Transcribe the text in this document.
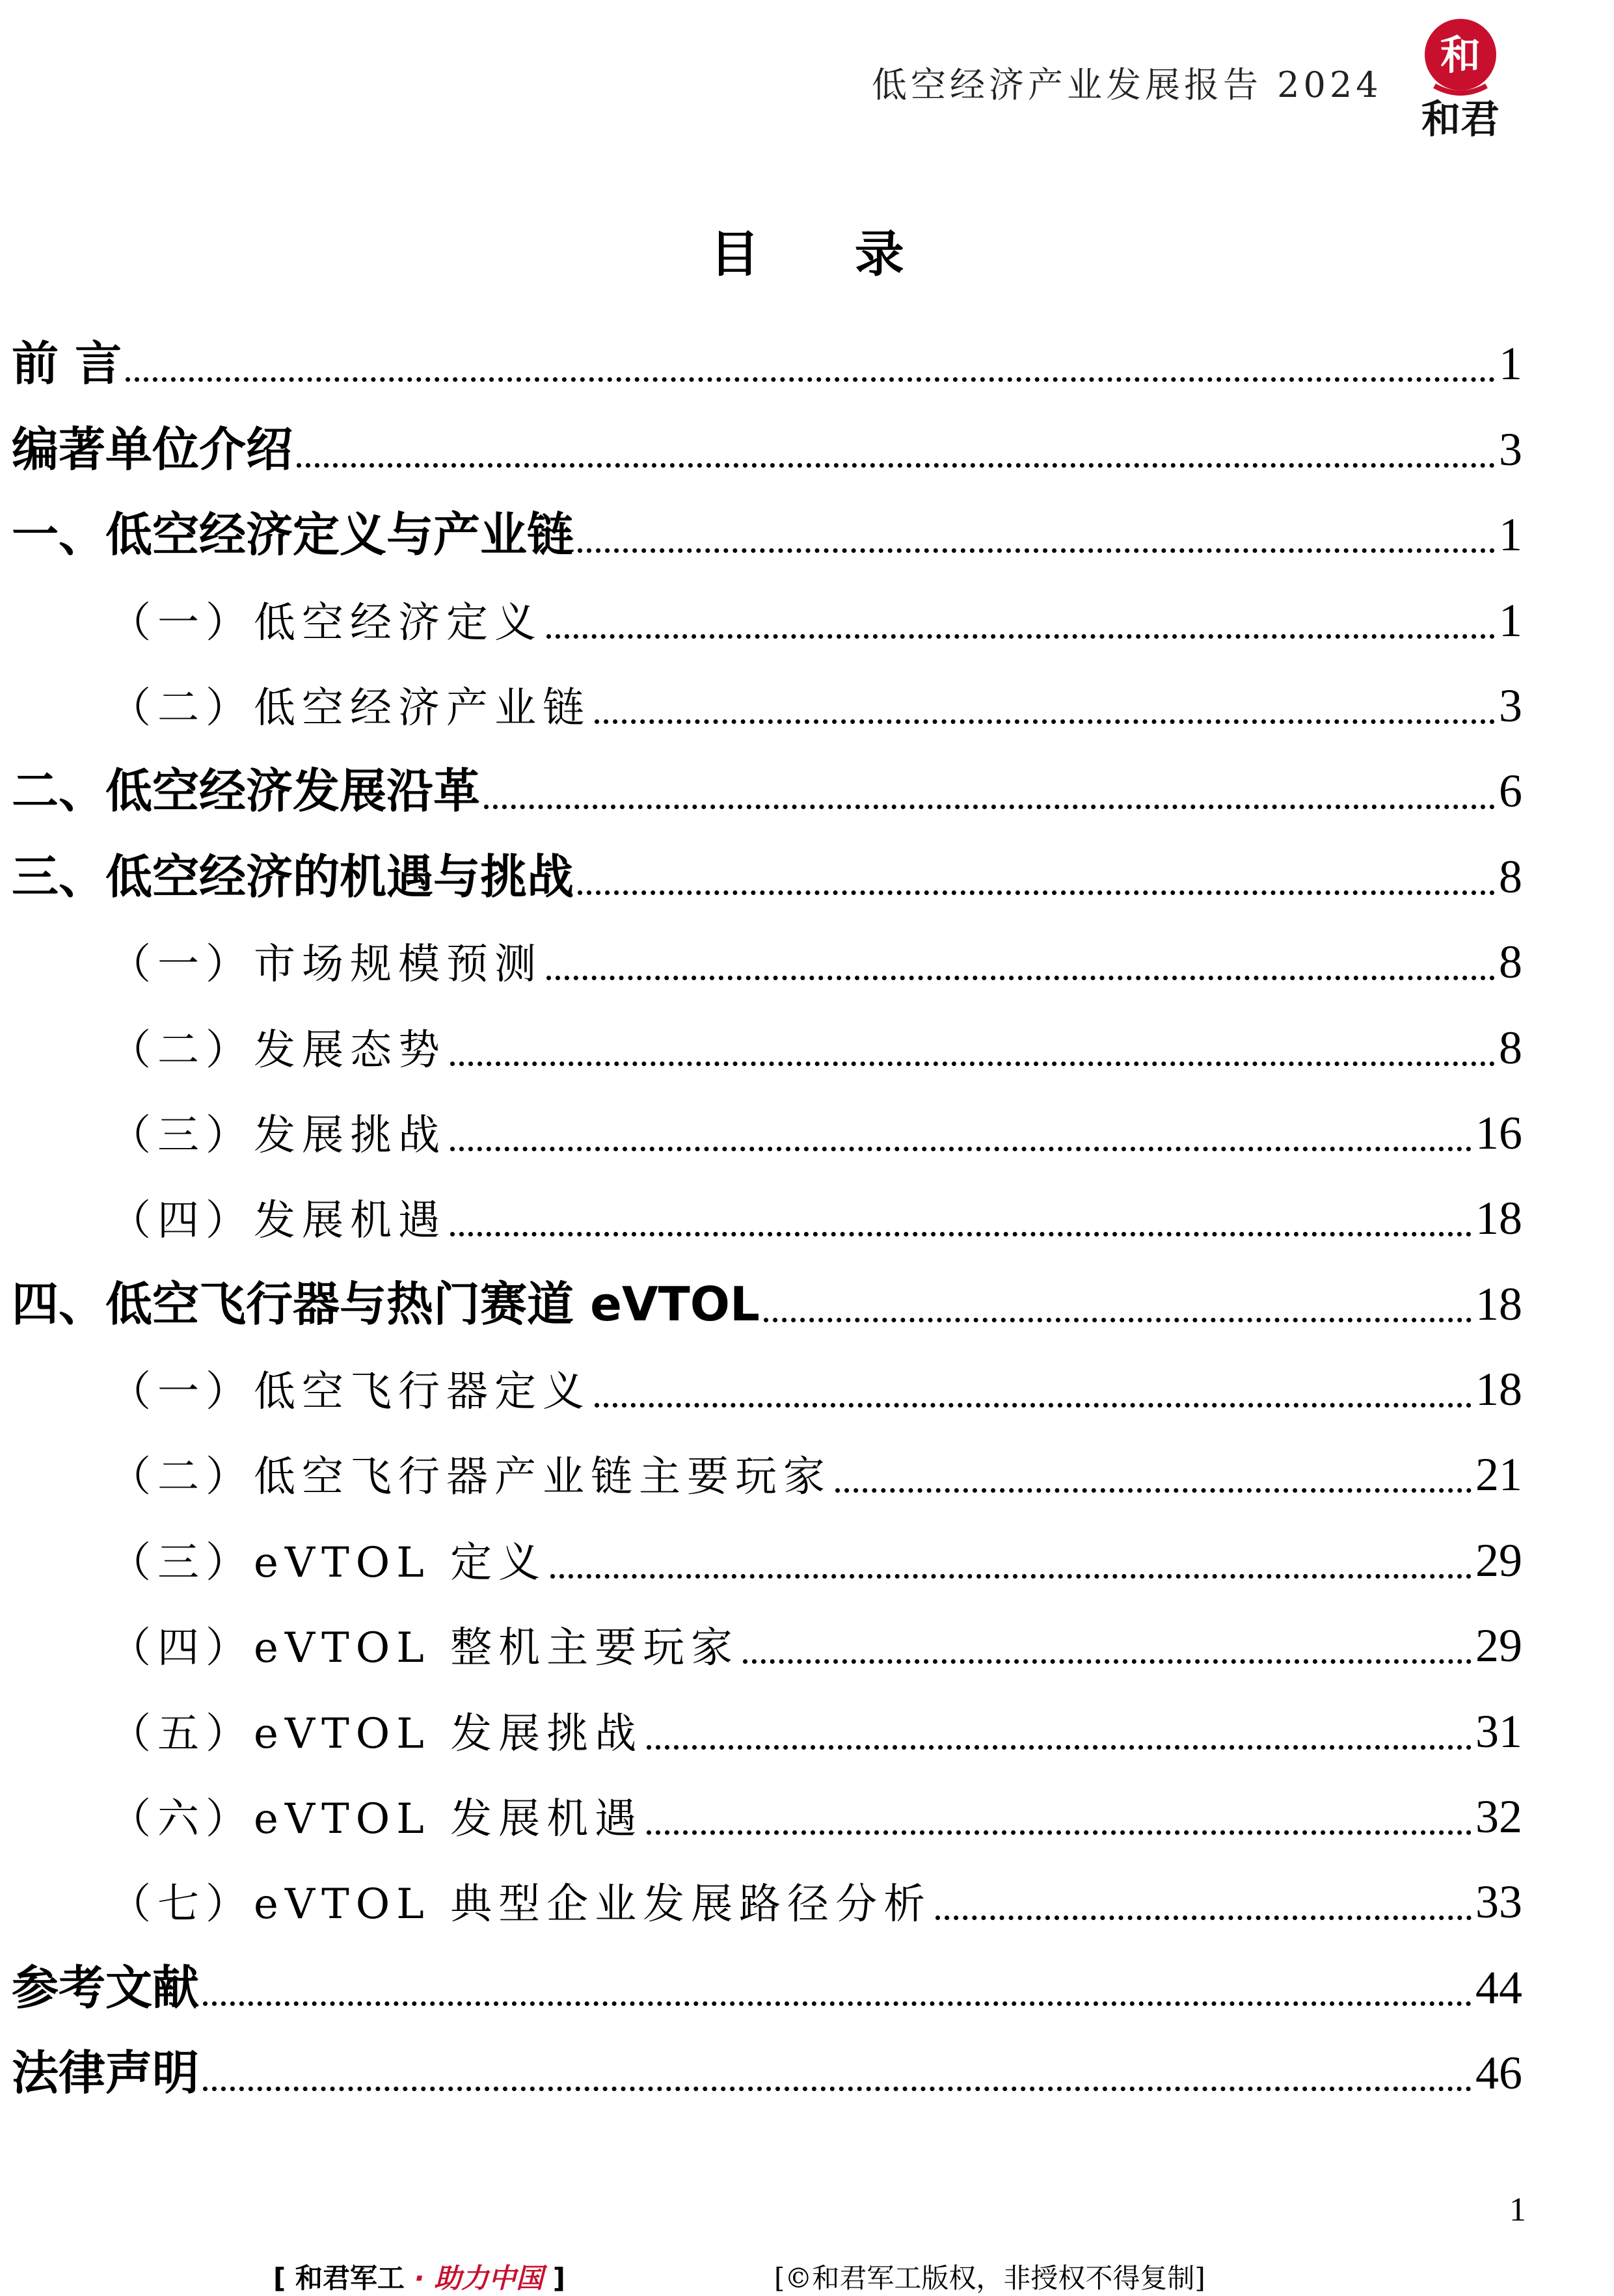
低空经济产业发展报告 2024
和
和君
目 录
前 言	1
编著单位介绍	3
一、低空经济定义与产业链	1
（一）低空经济定义	1
（二）低空经济产业链	3
二、低空经济发展沿革	6
三、低空经济的机遇与挑战	8
（一）市场规模预测	8
（二）发展态势	8
（三）发展挑战	16
（四）发展机遇	18
四、低空飞行器与热门赛道 eVTOL	18
（一）低空飞行器定义	18
（二）低空飞行器产业链主要玩家	21
（三）eVTOL 定义	29
（四）eVTOL 整机主要玩家	29
（五）eVTOL 发展挑战	31
（六）eVTOL 发展机遇	32
（七）eVTOL 典型企业发展路径分析	33
参考文献	44
法律声明	46
1
[ 和君军工 · 助力中国 ]	[©和君军工版权，非授权不得复制]
